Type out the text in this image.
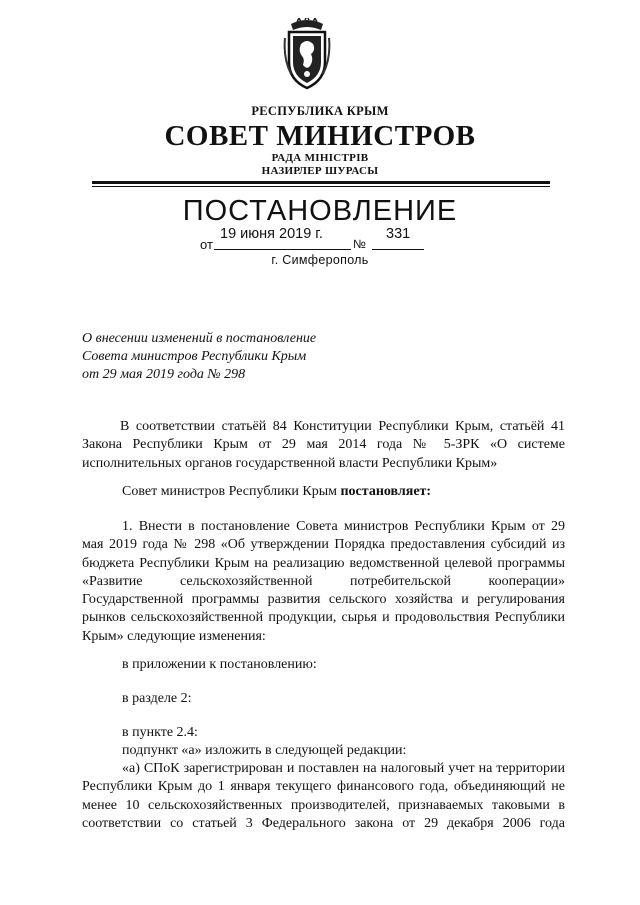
РЕСПУБЛИКА КРЫМ
СОВЕТ МИНИСТРОВ
РАДА МІНІСТРІВ
НАЗИРЛЕР ШУРАСЫ
ПОСТАНОВЛЕНИЕ
от
19 июня 2019 г.
№
331
г. Симферополь
О внесении изменений в постановление
Совета министров Республики Крым
от 29 мая 2019 года № 298
В соответствии статьёй 84 Конституции Республики Крым, статьёй 41 Закона Республики Крым от 29 мая 2014 года № 5-ЗРК «О системе исполнительных органов государственной власти Республики Крым»
Совет министров Республики Крым постановляет:
1. Внести в постановление Совета министров Республики Крым от 29 мая 2019 года № 298 «Об утверждении Порядка предоставления субсидий из бюджета Республики Крым на реализацию ведомственной целевой программы «Развитие сельскохозяйственной потребительской кооперации» Государственной программы развития сельского хозяйства и регулирования рынков сельскохозяйственной продукции, сырья и продовольствия Республики Крым» следующие изменения:
в приложении к постановлению:
в разделе 2:
в пункте 2.4:
подпункт «а» изложить в следующей редакции:
«а) СПоК зарегистрирован и поставлен на налоговый учет на территории Республики Крым до 1 января текущего финансового года, объединяющий не менее 10 сельскохозяйственных производителей, признаваемых таковыми в соответствии со статьей 3 Федерального закона от 29 декабря 2006 года
